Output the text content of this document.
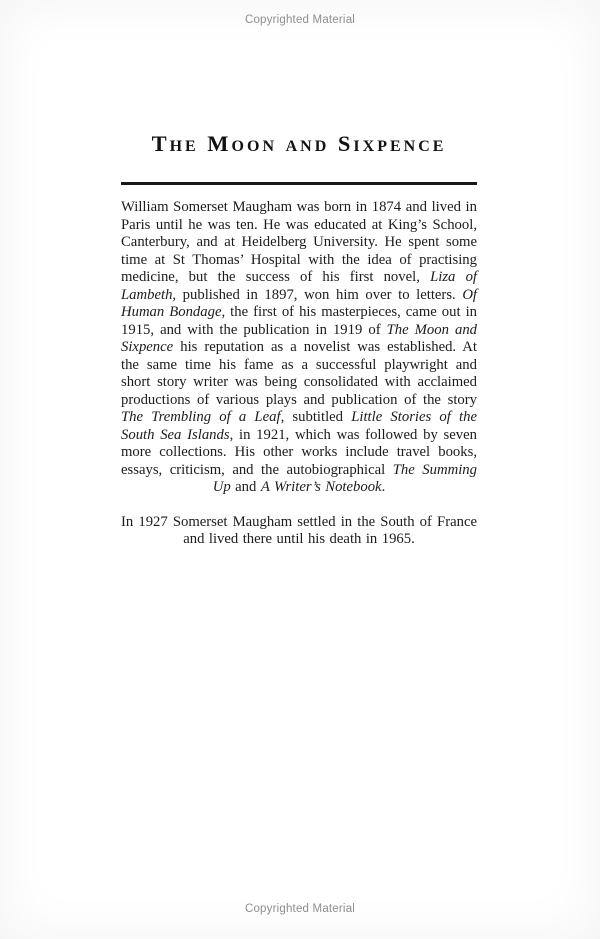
Copyrighted Material
The Moon and Sixpence

William Somerset Maugham was born in 1874 and lived in Paris until he was ten. He was educated at King’s School, Canterbury, and at Heidelberg University. He spent some time at St Thomas’ Hospital with the idea of practising medicine, but the success of his first novel, Liza of Lambeth, published in 1897, won him over to letters. Of Human Bondage, the first of his masterpieces, came out in 1915, and with the publication in 1919 of The Moon and Sixpence his reputation as a novelist was established. At the same time his fame as a successful playwright and short story writer was being consolidated with acclaimed productions of various plays and publication of the story The Trembling of a Leaf, subtitled Little Stories of the South Sea Islands, in 1921, which was followed by seven more collections. His other works include travel books, essays, criticism, and the autobiographical The Summing Up and A Writer’s Notebook.

In 1927 Somerset Maugham settled in the South of France and lived there until his death in 1965.

Copyrighted Material
